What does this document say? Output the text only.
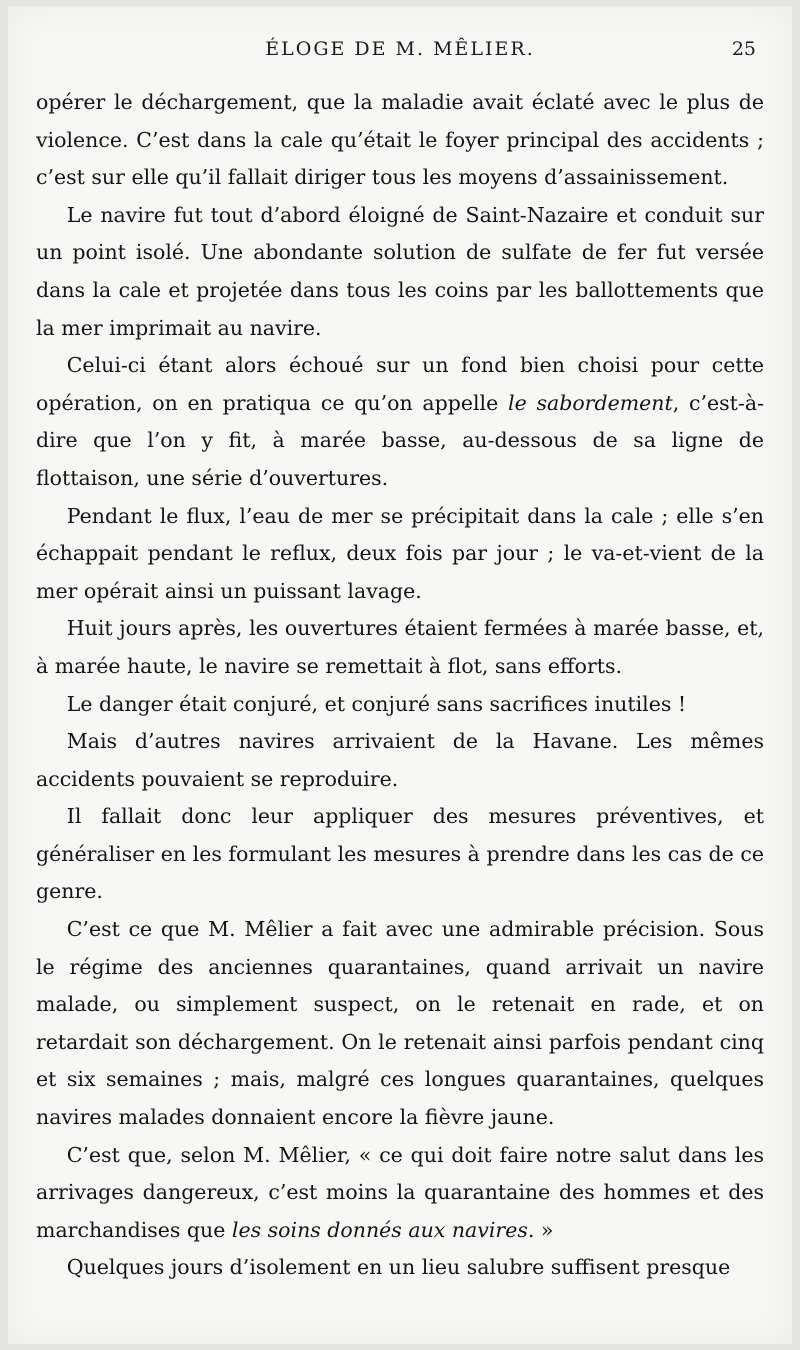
ÉLOGE DE M. MÊLIER.	25

opérer le déchargement, que la maladie avait éclaté avec le plus de violence. C’est dans la cale qu’était le foyer principal des accidents ; c’est sur elle qu’il fallait diriger tous les moyens d’assainissement.

Le navire fut tout d’abord éloigné de Saint-Nazaire et conduit sur un point isolé. Une abondante solution de sulfate de fer fut versée dans la cale et projetée dans tous les coins par les ballottements que la mer imprimait au navire.

Celui-ci étant alors échoué sur un fond bien choisi pour cette opération, on en pratiqua ce qu’on appelle le sabordement, c’est-à-dire que l’on y fit, à marée basse, au-dessous de sa ligne de flottaison, une série d’ouvertures.

Pendant le flux, l’eau de mer se précipitait dans la cale ; elle s’en échappait pendant le reflux, deux fois par jour ; le va-et-vient de la mer opérait ainsi un puissant lavage.

Huit jours après, les ouvertures étaient fermées à marée basse, et, à marée haute, le navire se remettait à flot, sans efforts.

Le danger était conjuré, et conjuré sans sacrifices inutiles !

Mais d’autres navires arrivaient de la Havane. Les mêmes accidents pouvaient se reproduire.

Il fallait donc leur appliquer des mesures préventives, et généraliser en les formulant les mesures à prendre dans les cas de ce genre.

C’est ce que M. Mêlier a fait avec une admirable précision. Sous le régime des anciennes quarantaines, quand arrivait un navire malade, ou simplement suspect, on le retenait en rade, et on retardait son déchargement. On le retenait ainsi parfois pendant cinq et six semaines ; mais, malgré ces longues quarantaines, quelques navires malades donnaient encore la fièvre jaune.

C’est que, selon M. Mêlier, « ce qui doit faire notre salut dans les arrivages dangereux, c’est moins la quarantaine des hommes et des marchandises que les soins donnés aux navires. »

Quelques jours d’isolement en un lieu salubre suffisent presque
